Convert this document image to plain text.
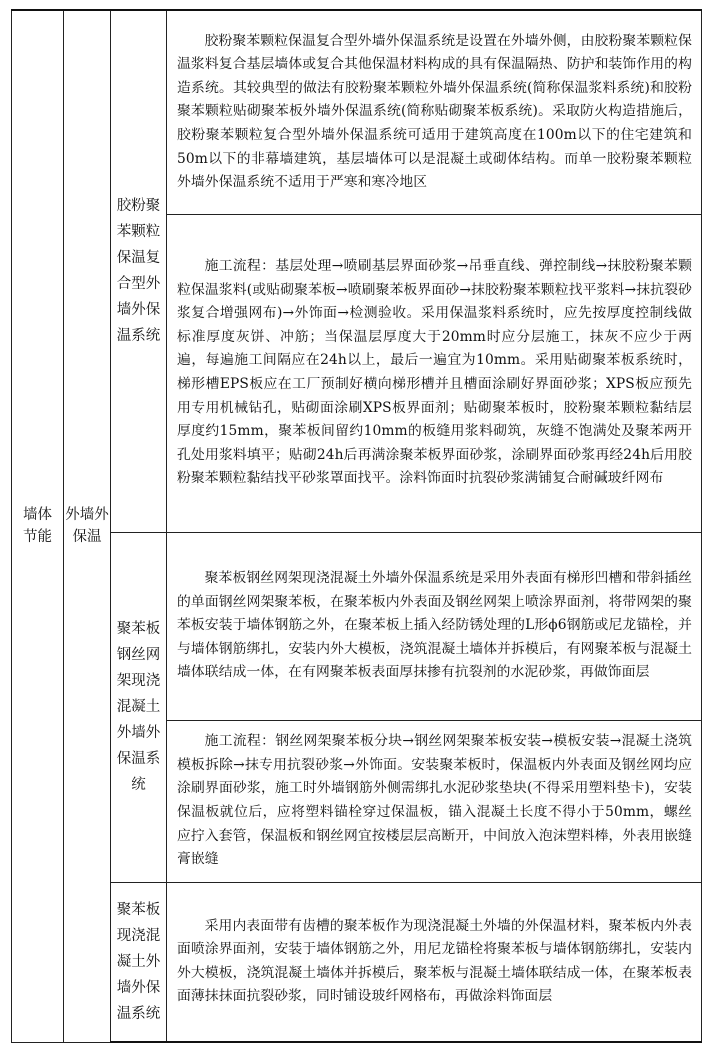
墙体节能	外墙外保温	胶粉聚苯颗粒保温复合型外墙外保温系统	胶粉聚苯颗粒保温复合型外墙外保温系统是设置在外墙外侧，由胶粉聚苯颗粒保温浆料复合基层墙体或复合其他保温材料构成的具有保温隔热、防护和装饰作用的构造系统。其较典型的做法有胶粉聚苯颗粒外墙外保温系统(简称保温浆料系统)和胶粉聚苯颗粒贴砌聚苯板外墙外保温系统(简称贴砌聚苯板系统)。采取防火构造措施后，胶粉聚苯颗粒复合型外墙外保温系统可适用于建筑高度在100m以下的住宅建筑和50m以下的非幕墙建筑，基层墙体可以是混凝土或砌体结构。而单一胶粉聚苯颗粒外墙外保温系统不适用于严寒和寒冷地区
			施工流程：基层处理→喷刷基层界面砂浆→吊垂直线、弹控制线→抹胶粉聚苯颗粒保温浆料(或贴砌聚苯板→喷刷聚苯板界面砂→抹胶粉聚苯颗粒找平浆料→抹抗裂砂浆复合增强网布)→外饰面→检测验收。采用保温浆料系统时，应先按厚度控制线做标准厚度灰饼、冲筋；当保温层厚度大于20mm时应分层施工，抹灰不应少于两遍，每遍施工间隔应在24h以上，最后一遍宜为10mm。采用贴砌聚苯板系统时，梯形槽EPS板应在工厂预制好横向梯形槽并且槽面涂刷好界面砂浆；XPS板应预先用专用机械钻孔，贴砌面涂刷XPS板界面剂；贴砌聚苯板时，胶粉聚苯颗粒黏结层厚度约15mm，聚苯板间留约10mm的板缝用浆料砌筑，灰缝不饱满处及聚苯两开孔处用浆料填平；贴砌24h后再满涂聚苯板界面砂浆，涂刷界面砂浆再经24h后用胶粉聚苯颗粒黏结找平砂浆罩面找平。涂料饰面时抗裂砂浆满铺复合耐碱玻纤网布
		聚苯板钢丝网架现浇混凝土外墙外保温系统	聚苯板钢丝网架现浇混凝土外墙外保温系统是采用外表面有梯形凹槽和带斜插丝的单面钢丝网架聚苯板，在聚苯板内外表面及钢丝网架上喷涂界面剂，将带网架的聚苯板安装于墙体钢筋之外，在聚苯板上插入经防锈处理的L形ϕ6钢筋或尼龙锚栓，并与墙体钢筋绑扎，安装内外大模板，浇筑混凝土墙体并拆模后，有网聚苯板与混凝土墙体联结成一体，在有网聚苯板表面厚抹掺有抗裂剂的水泥砂浆，再做饰面层
			施工流程：钢丝网架聚苯板分块→钢丝网架聚苯板安装→模板安装→混凝土浇筑模板拆除→抹专用抗裂砂浆→外饰面。安装聚苯板时，保温板内外表面及钢丝网均应涂刷界面砂浆，施工时外墙钢筋外侧需绑扎水泥砂浆垫块(不得采用塑料垫卡)，安装保温板就位后，应将塑料锚栓穿过保温板，锚入混凝土长度不得小于50mm，螺丝应拧入套管，保温板和钢丝网宜按楼层层高断开，中间放入泡沫塑料棒，外表用嵌缝膏嵌缝
		聚苯板现浇混凝土外墙外保温系统	采用内表面带有齿槽的聚苯板作为现浇混凝土外墙的外保温材料，聚苯板内外表面喷涂界面剂，安装于墙体钢筋之外，用尼龙锚栓将聚苯板与墙体钢筋绑扎，安装内外大模板，浇筑混凝土墙体并拆模后，聚苯板与混凝土墙体联结成一体，在聚苯板表面薄抹抹面抗裂砂浆，同时铺设玻纤网格布，再做涂料饰面层
